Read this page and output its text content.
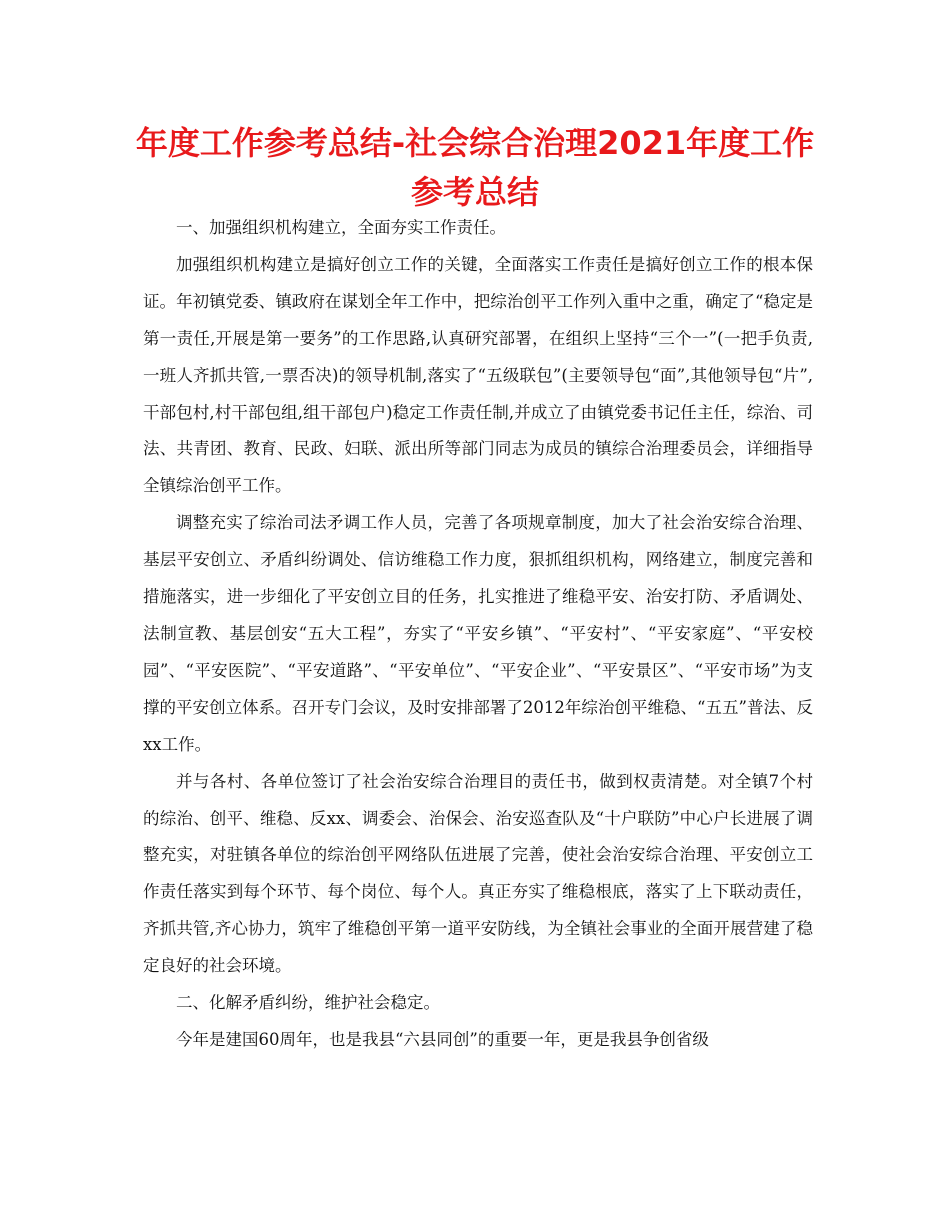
年度工作参考总结-社会综合治理2021年度工作
参考总结

一、加强组织机构建立，全面夯实工作责任。

加强组织机构建立是搞好创立工作的关键，全面落实工作责任是搞好创立工作的根本保证。年初镇党委、镇政府在谋划全年工作中，把综治创平工作列入重中之重，确定了“稳定是第一责任,开展是第一要务”的工作思路,认真研究部署，在组织上坚持“三个一”(一把手负责,一班人齐抓共管,一票否决)的领导机制,落实了“五级联包”(主要领导包“面”,其他领导包“片”,干部包村,村干部包组,组干部包户)稳定工作责任制,并成立了由镇党委书记任主任，综治、司法、共青团、教育、民政、妇联、派出所等部门同志为成员的镇综合治理委员会，详细指导全镇综治创平工作。

调整充实了综治司法矛调工作人员，完善了各项规章制度，加大了社会治安综合治理、基层平安创立、矛盾纠纷调处、信访维稳工作力度，狠抓组织机构，网络建立，制度完善和措施落实，进一步细化了平安创立目的任务，扎实推进了维稳平安、治安打防、矛盾调处、法制宣教、基层创安“五大工程”，夯实了“平安乡镇”、“平安村”、“平安家庭”、“平安校园”、“平安医院”、“平安道路”、“平安单位”、“平安企业”、“平安景区”、“平安市场”为支撑的平安创立体系。召开专门会议，及时安排部署了2012年综治创平维稳、“五五”普法、反xx工作。

并与各村、各单位签订了社会治安综合治理目的责任书，做到权责清楚。对全镇7个村的综治、创平、维稳、反xx、调委会、治保会、治安巡查队及“十户联防”中心户长进展了调整充实，对驻镇各单位的综治创平网络队伍进展了完善，使社会治安综合治理、平安创立工作责任落实到每个环节、每个岗位、每个人。真正夯实了维稳根底，落实了上下联动责任，齐抓共管,齐心协力，筑牢了维稳创平第一道平安防线，为全镇社会事业的全面开展营建了稳定良好的社会环境。

二、化解矛盾纠纷，维护社会稳定。

今年是建国60周年，也是我县“六县同创”的重要一年，更是我县争创省级
